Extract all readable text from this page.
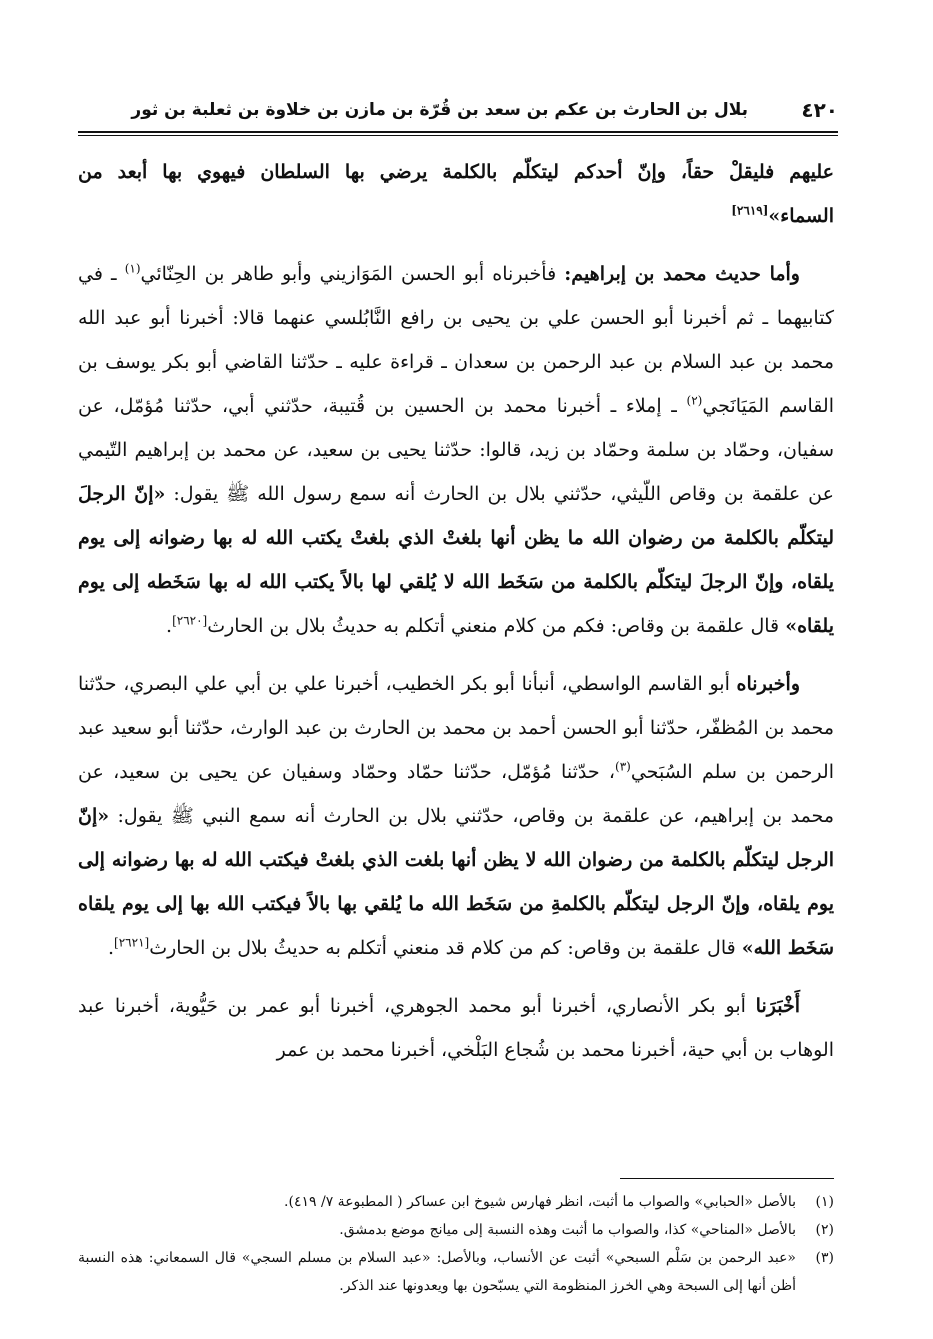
٤٢٠
بلال بن الحارث بن عكم بن سعد بن قُرّة بن مازن بن خلاوة بن ثعلبة بن ثور

عليهم فليقلْ حقاً، وإنّ أحدكم ليتكلّم بالكلمة يرضي بها السلطان فيهوي بها أبعد من السماء»[٢٦١٩]

وأما حديث محمد بن إبراهيم: فأخبرناه أبو الحسن المَوَازيني وأبو طاهر بن الحِنّائي$^{(١)}$ ـ في كتابيهما ـ ثم أخبرنا أبو الحسن علي بن يحيى بن رافع النَّابُلسي عنهما قالا: أخبرنا أبو عبد الله محمد بن عبد السلام بن عبد الرحمن بن سعدان ـ قراءة عليه ـ حدّثنا القاضي أبو بكر يوسف بن القاسم المَيَانَجي$^{(٢)}$ ـ إملاء ـ أخبرنا محمد بن الحسين بن قُتيبة، حدّثني أبي، حدّثنا مُؤمّل، عن سفيان، وحمّاد بن سلمة وحمّاد بن زيد، قالوا: حدّثنا يحيى بن سعيد، عن محمد بن إبراهيم التّيمي عن علقمة بن وقاص اللّيثي، حدّثني بلال بن الحارث أنه سمع رسول الله ﷺ يقول: «إنّ الرجلَ ليتكلّم بالكلمة من رضوان الله ما يظن أنها بلغتْ الذي بلغتْ يكتب الله له بها رضوانه إلى يوم يلقاه، وإنّ الرجلَ ليتكلّم بالكلمة من سَخَط الله لا يُلقي لها بالاً يكتب الله له بها سَخَطه إلى يوم يلقاه» قال علقمة بن وقاص: فكم من كلام منعني أتكلم به حديثُ بلال بن الحارث[٢٦٢٠].

وأخبرناه أبو القاسم الواسطي، أنبأنا أبو بكر الخطيب، أخبرنا علي بن أبي علي البصري، حدّثنا محمد بن المُظفّر، حدّثنا أبو الحسن أحمد بن محمد بن الحارث بن عبد الوارث، حدّثنا أبو سعيد عبد الرحمن بن سلم السُبَحي$^{(٣)}$، حدّثنا مُؤمّل، حدّثنا حمّاد وحمّاد وسفيان عن يحيى بن سعيد، عن محمد بن إبراهيم، عن علقمة بن وقاص، حدّثني بلال بن الحارث أنه سمع النبي ﷺ يقول: «إنّ الرجل ليتكلّم بالكلمة من رضوان الله لا يظن أنها بلغت الذي بلغتْ فيكتب الله له بها رضوانه إلى يوم يلقاه، وإنّ الرجل ليتكلّم بالكلمةِ من سَخَط الله ما يُلقي بها بالاً فيكتب الله بها إلى يوم يلقاه سَخَط الله» قال علقمة بن وقاص: كم من كلام قد منعني أتكلم به حديثُ بلال بن الحارث[٢٦٢١].

أَخْبَرَنا أبو بكر الأنصاري، أخبرنا أبو محمد الجوهري، أخبرنا أبو عمر بن حَيُّوية، أخبرنا عبد الوهاب بن أبي حية، أخبرنا محمد بن شُجاع البَلْخي، أخبرنا محمد بن عمر

(١)
بالأصل «الحبابي» والصواب ما أثبت، انظر فهارس شيوخ ابن عساكر ( المطبوعة ٧/ ٤١٩).

(٢)
بالأصل «المناحي» كذا، والصواب ما أثبت وهذه النسبة إلى ميانج موضع بدمشق.

(٣)
«عبد الرحمن بن سَلْم السبحي» أثبت عن الأنساب، وبالأصل: «عبد السلام بن مسلم السجي» قال السمعاني: هذه النسبة أظن أنها إلى السبحة وهي الخرز المنظومة التي يسبّحون بها ويعدونها عند الذكر.
